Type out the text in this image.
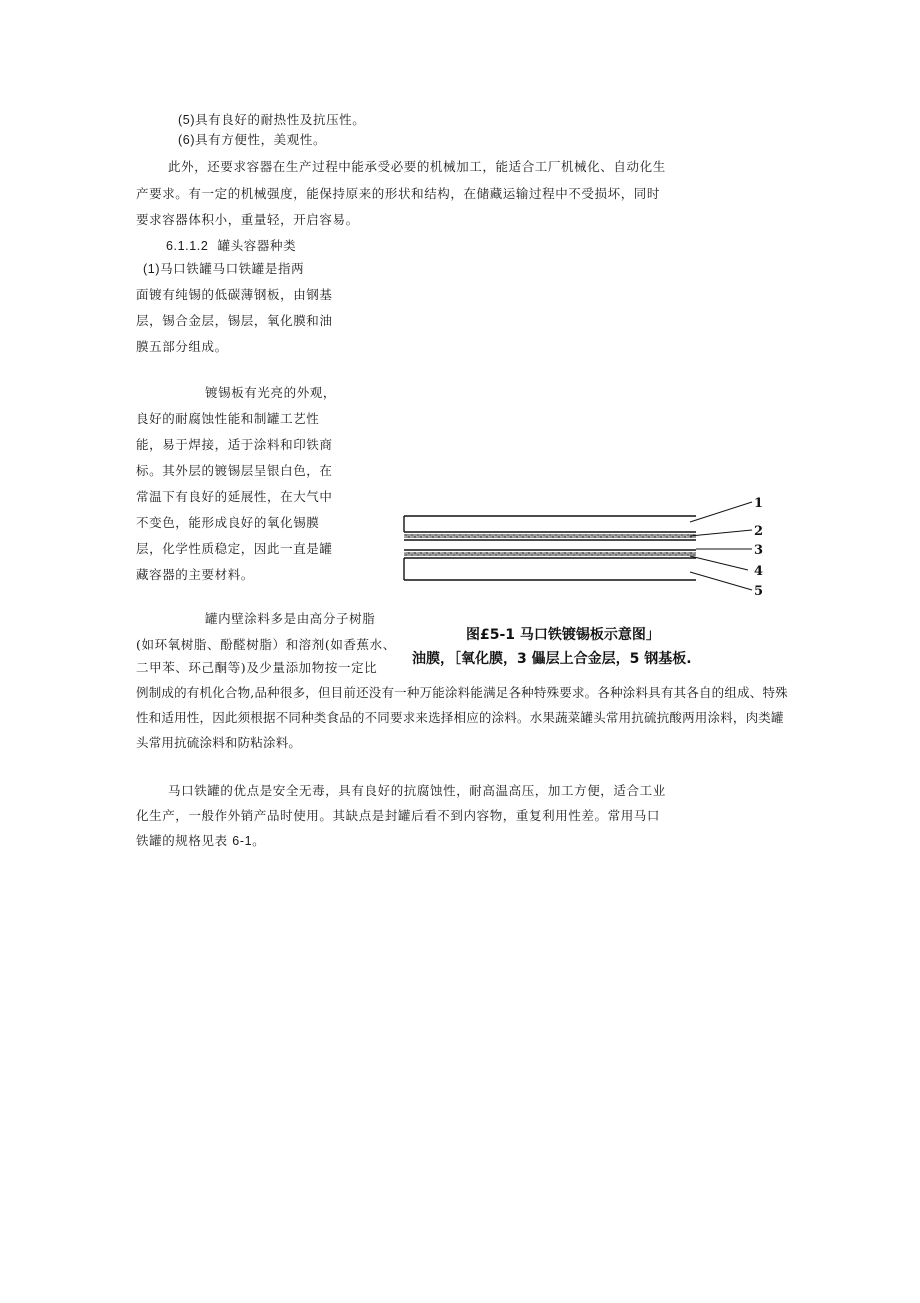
(5)具有良好的耐热性及抗压性。
(6)具有方便性，美观性。
此外，还要求容器在生产过程中能承受必要的机械加工，能适合工厂机械化、自动化生
产要求。有一定的机械强度，能保持原来的形状和结构，在储藏运输过程中不受损坏，同时
要求容器体积小，重量轻，开启容易。
6.1.1.2 罐头容器种类
(1)马口铁罐马口铁罐是指两
面镀有纯锡的低碳薄钢板，由钢基
层，锡合金层，锡层，氧化膜和油
膜五部分组成。
镀锡板有光亮的外观，
良好的耐腐蚀性能和制罐工艺性
能，易于焊接，适于涂料和印铁商
标。其外层的镀锡层呈银白色，在
常温下有良好的延展性，在大气中
不变色，能形成良好的氧化锡膜
层，化学性质稳定，因此一直是罐
藏容器的主要材料。
1
2
3
4
5
图£5-1 马口铁镀锡板示意图」
油膜，［氧化膜，3 儡层上合金层，5 钢基板.
罐内壁涂料多是由高分子树脂
(如环氧树脂、酚醛树脂）和溶剂(如香蕉水、
二甲苯、环己酮等)及少量添加物按一定比
例制成的有机化合物,品种很多，但目前还没有一种万能涂料能满足各种特殊要求。各种涂料具有其各自的组成、特殊
性和适用性，因此须根据不同种类食品的不同要求来选择相应的涂料。水果蔬菜罐头常用抗硫抗酸两用涂料，肉类罐
头常用抗硫涂料和防粘涂料。
马口铁罐的优点是安全无毒，具有良好的抗腐蚀性，耐高温高压，加工方便，适合工业
化生产，一般作外销产品时使用。其缺点是封罐后看不到内容物，重复利用性差。常用马口
铁罐的规格见表 6-1。
